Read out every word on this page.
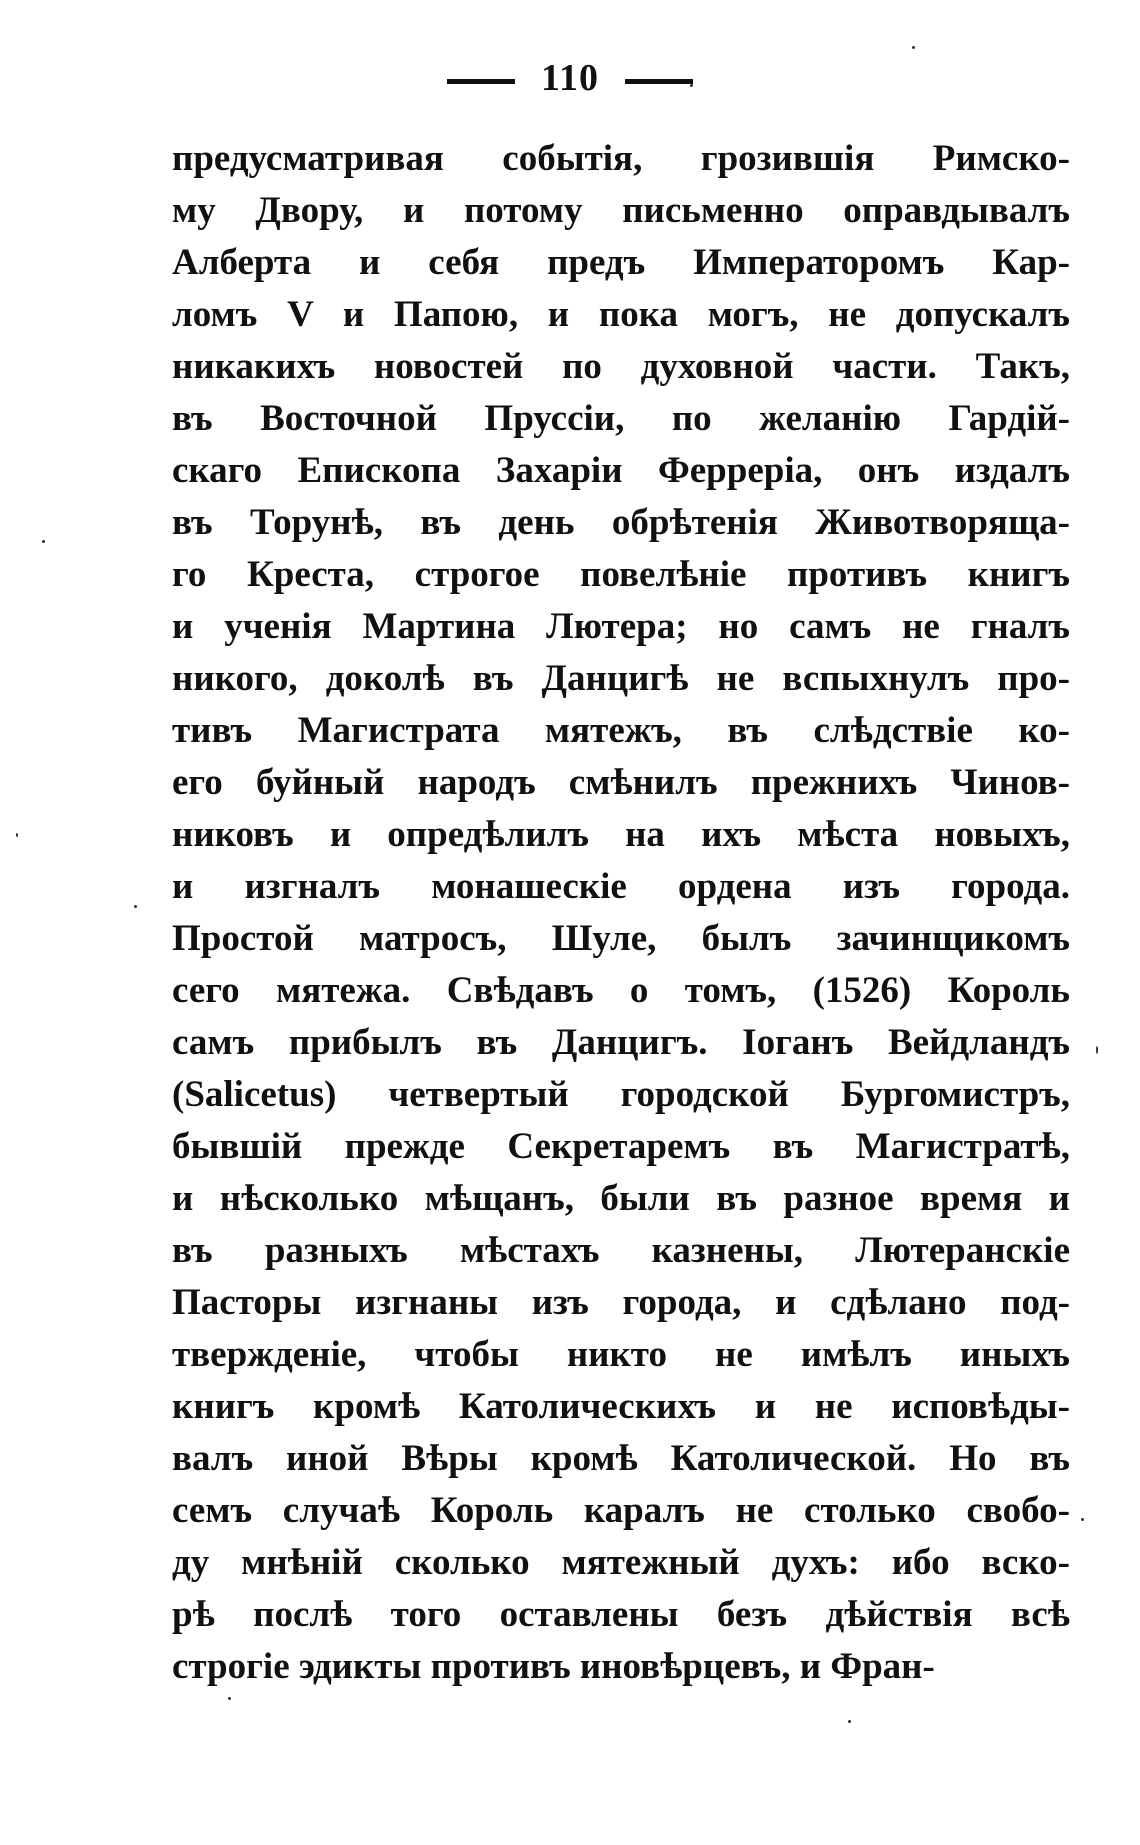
110
предусматривая событія, грозившія Римско-
му Двору, и потому письменно оправдывалъ
Алберта и себя предъ Императоромъ Кар-
ломъ V и Папою, и пока могъ, не допускалъ
никакихъ новостей по духовной части. Такъ,
въ Восточной Пруссіи, по желанію Гардій-
скаго Епископа Захаріи Ферреріа, онъ издалъ
въ Торунѣ, въ день обрѣтенія Животворяща-
го Креста, строгое повелѣніе противъ книгъ
и ученія Мартина Лютера; но самъ не гналъ
никого, доколѣ въ Данцигѣ не вспыхнулъ про-
тивъ Магистрата мятежъ, въ слѣдствіе ко-
его буйный народъ смѣнилъ прежнихъ Чинов-
никовъ и опредѣлилъ на ихъ мѣста новыхъ,
и изгналъ монашескіе ордена изъ города.
Простой матросъ, Шуле, былъ зачинщикомъ
сего мятежа. Свѣдавъ о томъ, (1526) Король
самъ прибылъ въ Данцигъ. Іоганъ Вейдландъ
(Salicetus) четвертый городской Бургомистръ,
бывшій прежде Секретаремъ въ Магистратѣ,
и нѣсколько мѣщанъ, были въ разное время и
въ разныхъ мѣстахъ казнены, Лютеранскіе
Пасторы изгнаны изъ города, и сдѣлано под-
твержденіе, чтобы никто не имѣлъ иныхъ
книгъ кромѣ Католическихъ и не исповѣды-
валъ иной Вѣры кромѣ Католической. Но въ
семъ случаѣ Король каралъ не столько свобо-
ду мнѣній сколько мятежный духъ: ибо вско-
рѣ послѣ того оставлены безъ дѣйствія всѣ
строгіе эдикты противъ иновѣрцевъ, и Фран-
